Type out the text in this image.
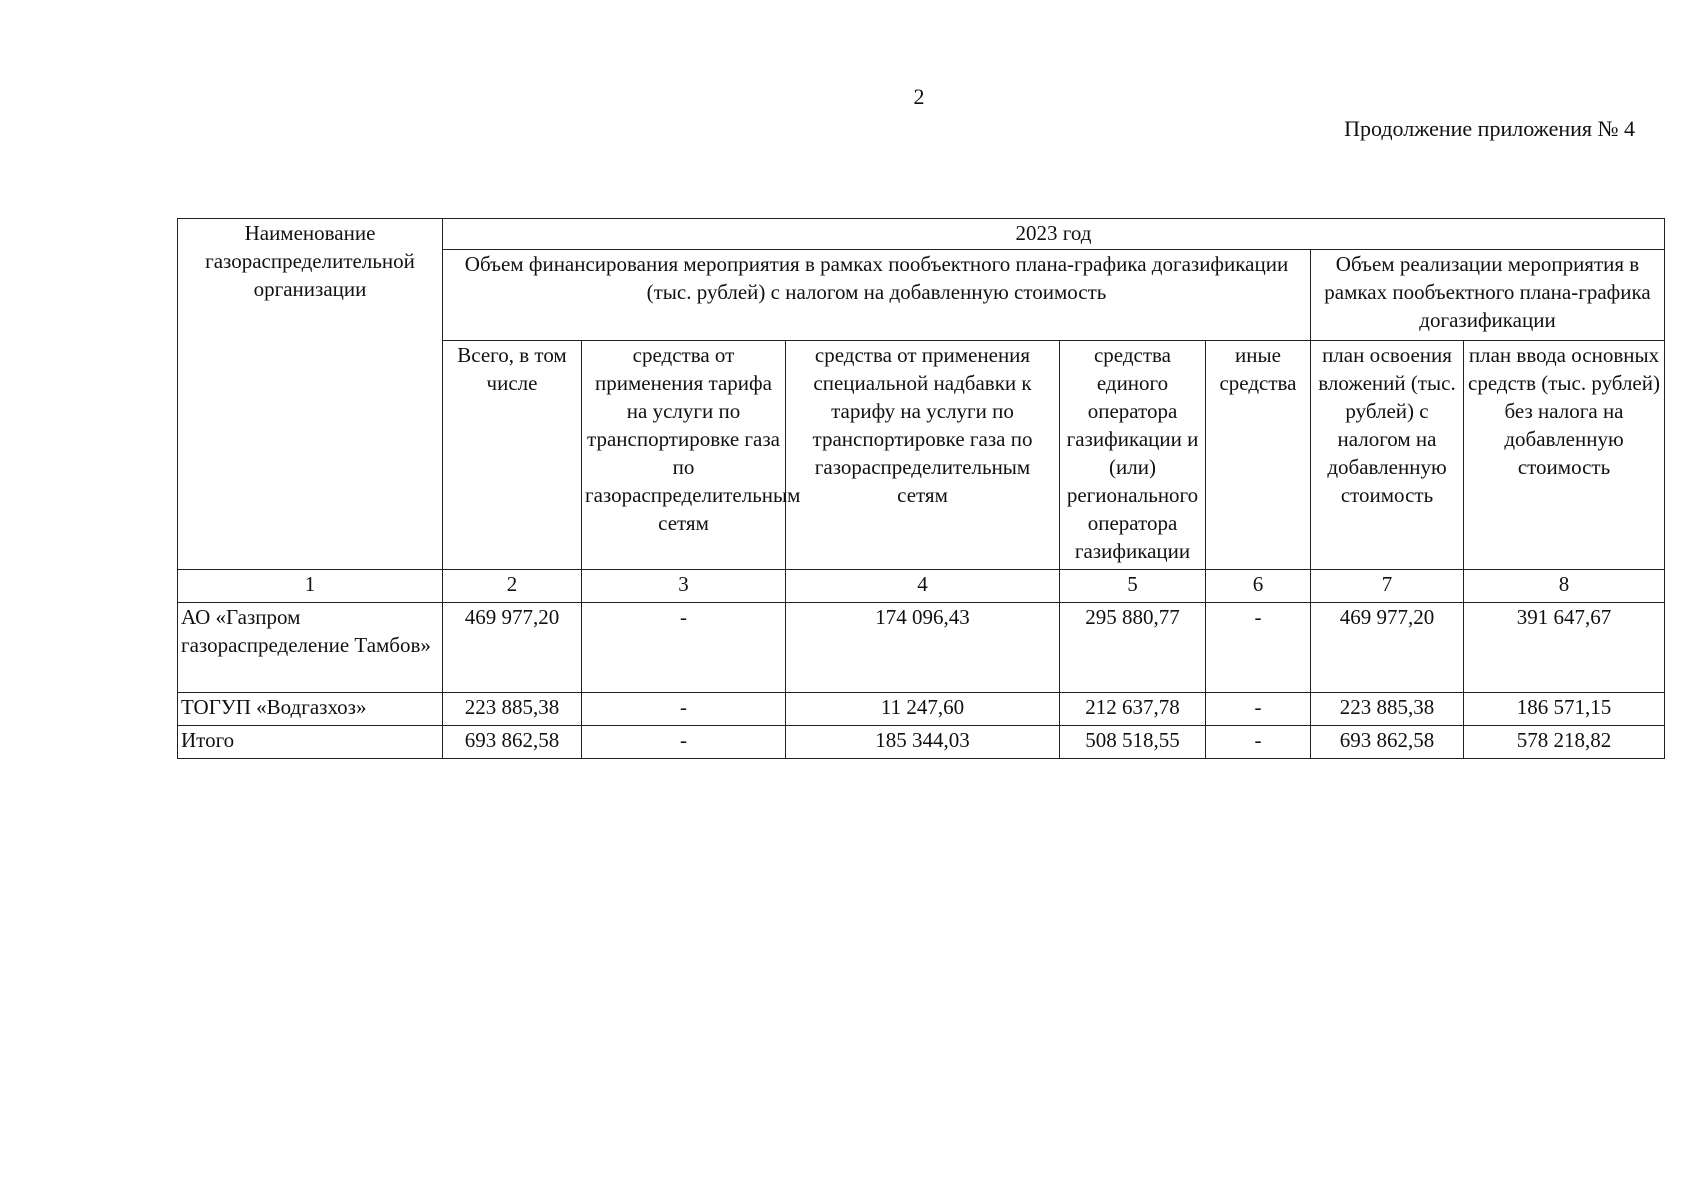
2
Продолжение приложения № 4
Наименование газораспределительной организации	2023 год						
	Объем финансирования мероприятия в рамках пообъектного плана-графика догазификации (тыс. рублей) с налогом на добавленную стоимость					Объем реализации мероприятия в рамках пообъектного плана-графика догазификации	
	Всего, в том числе	средства от применения тарифа на услуги по транспортировке газа по газораспределительным сетям	средства от применения специальной надбавки к тарифу на услуги по транспортировке газа по газораспределительным сетям	средства единого оператора газификации и (или) регионального оператора газификации	иные средства	план освоения вложений (тыс. рублей) с налогом на добавленную стоимость	план ввода основных средств (тыс. рублей) без налога на добавленную стоимость
1	2	3	4	5	6	7	8
АО «Газпром газораспределение Тамбов»	469 977,20	-	174 096,43	295 880,77	-	469 977,20	391 647,67
ТОГУП «Водгазхоз»	223 885,38	-	11 247,60	212 637,78	-	223 885,38	186 571,15
Итого	693 862,58	-	185 344,03	508 518,55	-	693 862,58	578 218,82
